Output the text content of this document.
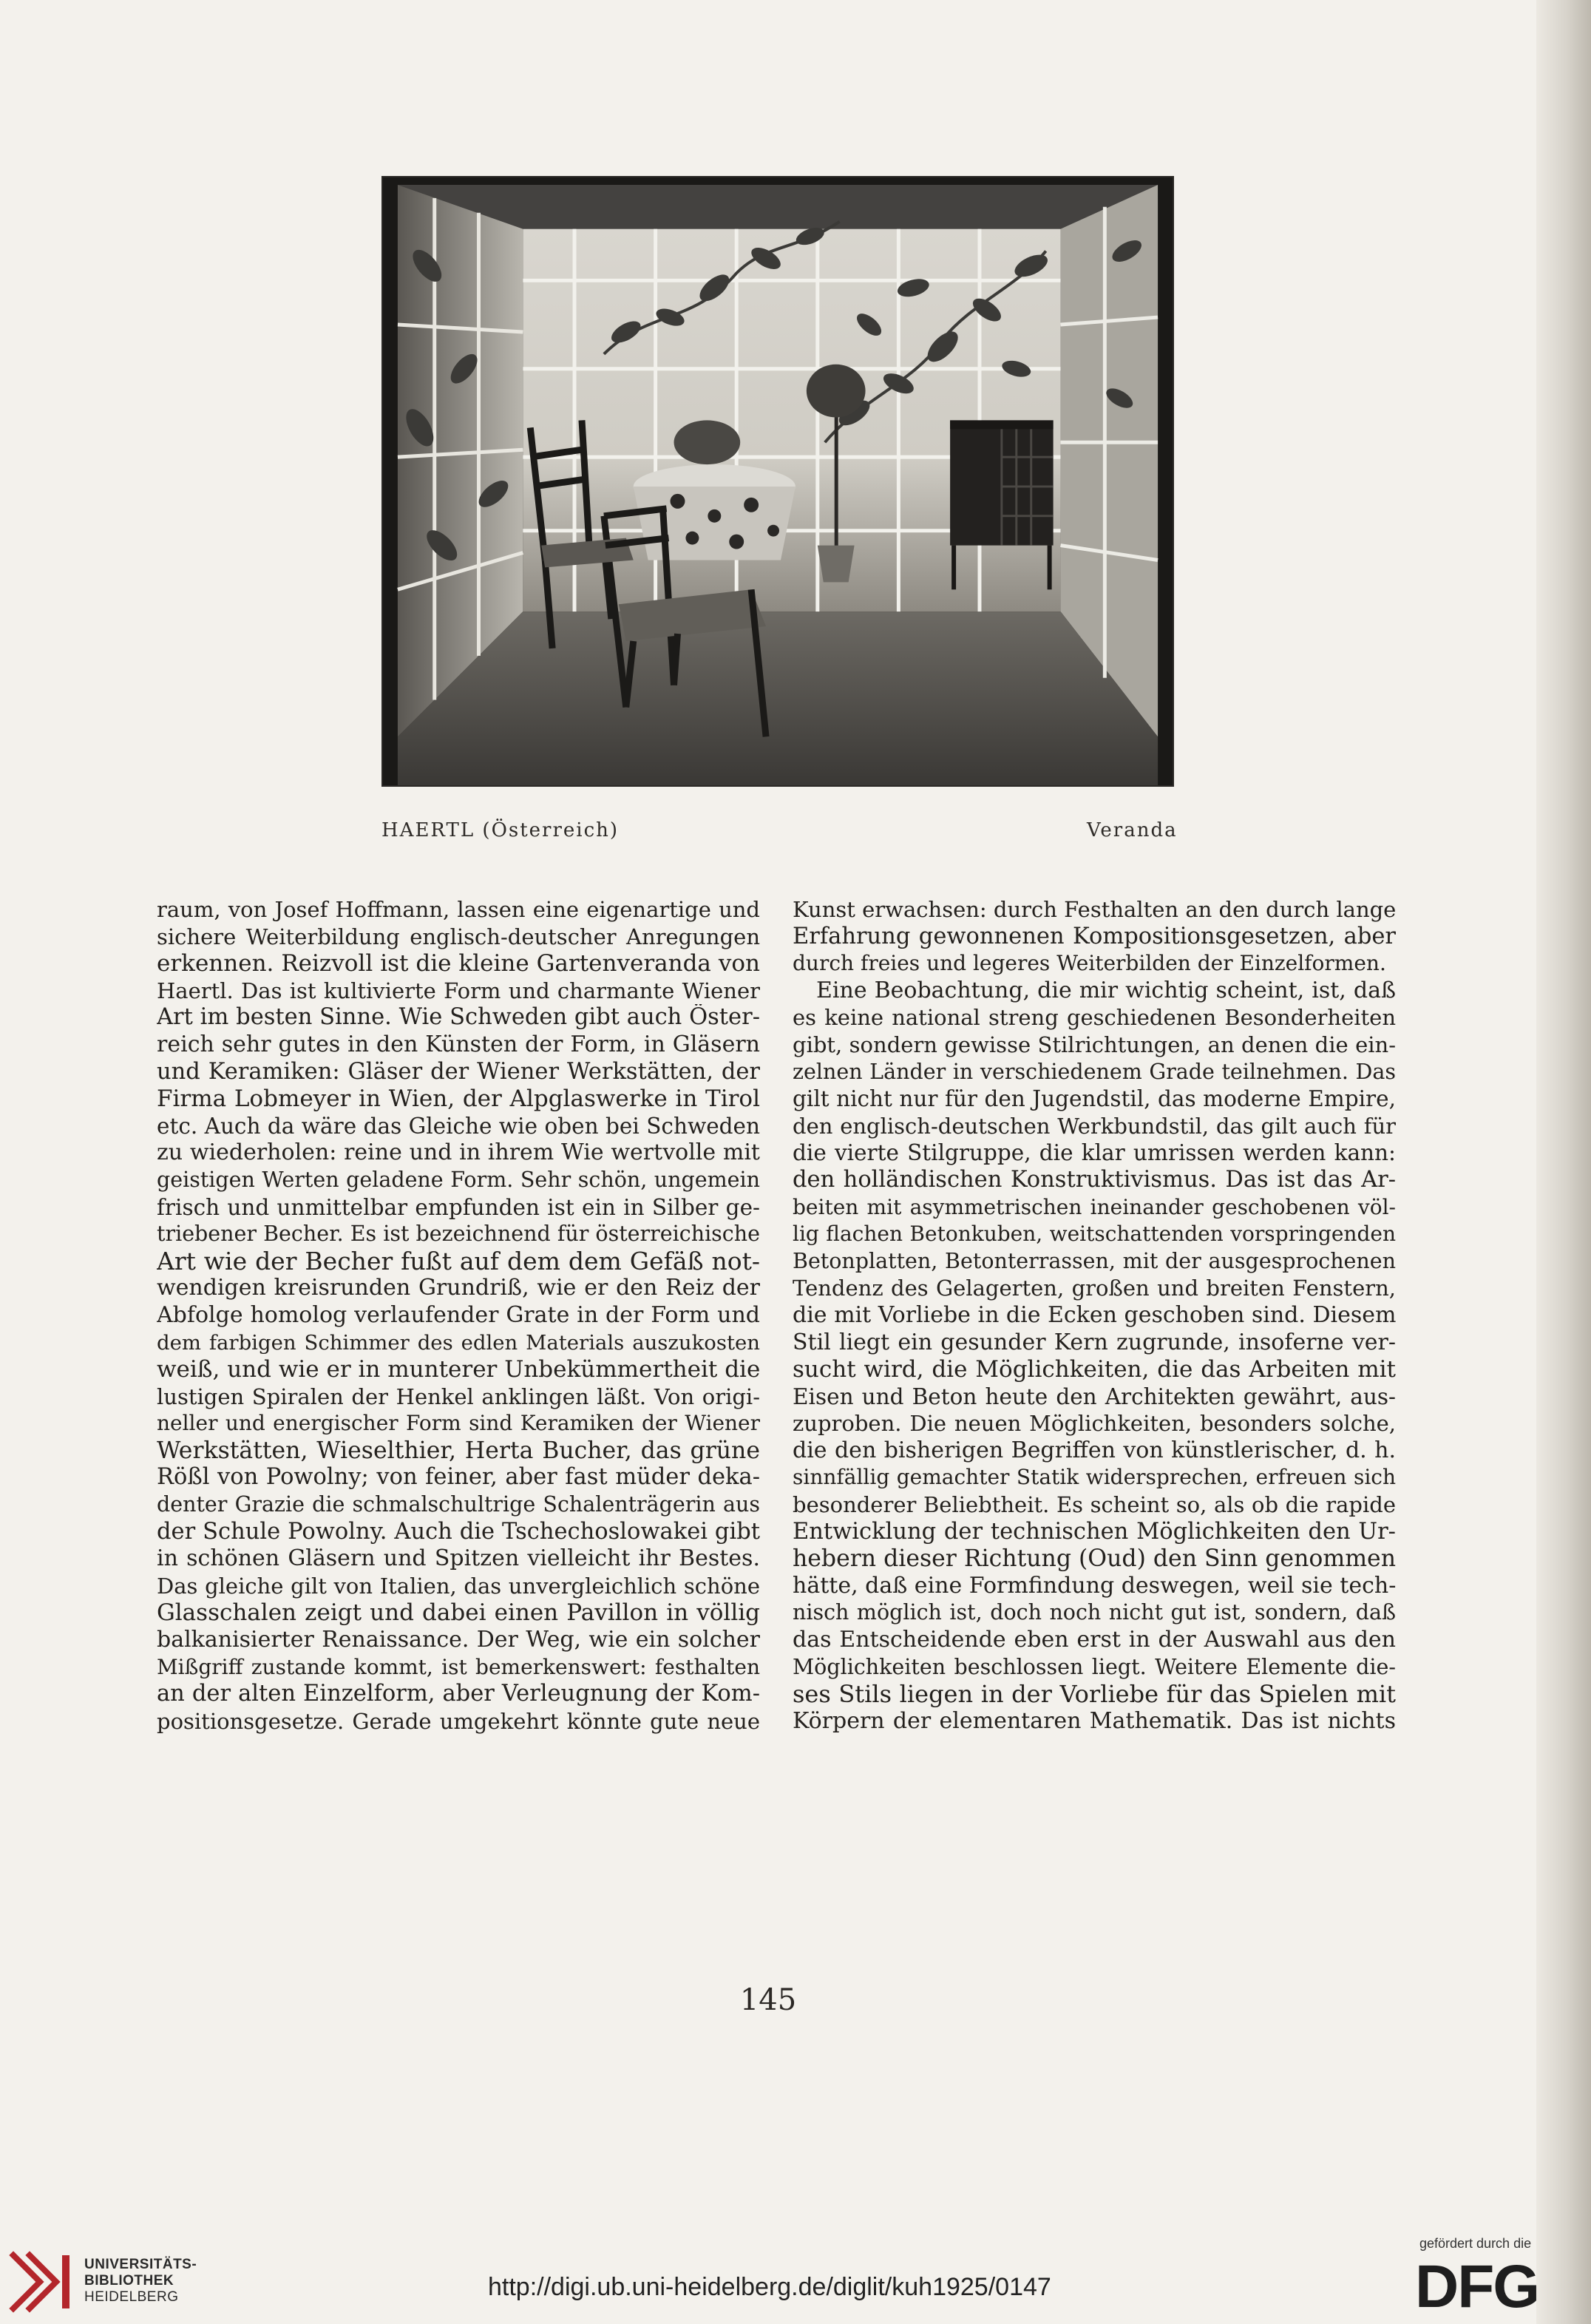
HAERTL (Österreich)	Veranda

raum, von Josef Hoffmann, lassen eine eigenartige und

sichere Weiterbildung englisch-deutscher Anregungen

erkennen. Reizvoll ist die kleine Gartenveranda von

Haertl. Das ist kultivierte Form und charmante Wiener

Art im besten Sinne. Wie Schweden gibt auch Öster-

reich sehr gutes in den Künsten der Form, in Gläsern

und Keramiken: Gläser der Wiener Werkstätten, der

Firma Lobmeyer in Wien, der Alpglaswerke in Tirol

etc. Auch da wäre das Gleiche wie oben bei Schweden

zu wiederholen: reine und in ihrem Wie wertvolle mit

geistigen Werten geladene Form. Sehr schön, ungemein

frisch und unmittelbar empfunden ist ein in Silber ge-

triebener Becher. Es ist bezeichnend für österreichische

Art wie der Becher fußt auf dem dem Gefäß not-

wendigen kreisrunden Grundriß, wie er den Reiz der

Abfolge homolog verlaufender Grate in der Form und

dem farbigen Schimmer des edlen Materials auszukosten

weiß, und wie er in munterer Unbekümmertheit die

lustigen Spiralen der Henkel anklingen läßt. Von origi-

neller und energischer Form sind Keramiken der Wiener

Werkstätten, Wieselthier, Herta Bucher, das grüne

Rößl von Powolny; von feiner, aber fast müder deka-

denter Grazie die schmalschultrige Schalenträgerin aus

der Schule Powolny. Auch die Tschechoslowakei gibt

in schönen Gläsern und Spitzen vielleicht ihr Bestes.

Das gleiche gilt von Italien, das unvergleichlich schöne

Glasschalen zeigt und dabei einen Pavillon in völlig

balkanisierter Renaissance. Der Weg, wie ein solcher

Mißgriff zustande kommt, ist bemerkenswert: festhalten

an der alten Einzelform, aber Verleugnung der Kom-

positionsgesetze. Gerade umgekehrt könnte gute neue

Kunst erwachsen: durch Festhalten an den durch lange

Erfahrung gewonnenen Kompositionsgesetzen, aber

durch freies und legeres Weiterbilden der Einzelformen.

Eine Beobachtung, die mir wichtig scheint, ist, daß

es keine national streng geschiedenen Besonderheiten

gibt, sondern gewisse Stilrichtungen, an denen die ein-

zelnen Länder in verschiedenem Grade teilnehmen. Das

gilt nicht nur für den Jugendstil, das moderne Empire,

den englisch-deutschen Werkbundstil, das gilt auch für

die vierte Stilgruppe, die klar umrissen werden kann:

den holländischen Konstruktivismus. Das ist das Ar-

beiten mit asymmetrischen ineinander geschobenen völ-

lig flachen Betonkuben, weitschattenden vorspringenden

Betonplatten, Betonterrassen, mit der ausgesprochenen

Tendenz des Gelagerten, großen und breiten Fenstern,

die mit Vorliebe in die Ecken geschoben sind. Diesem

Stil liegt ein gesunder Kern zugrunde, insoferne ver-

sucht wird, die Möglichkeiten, die das Arbeiten mit

Eisen und Beton heute den Architekten gewährt, aus-

zuproben. Die neuen Möglichkeiten, besonders solche,

die den bisherigen Begriffen von künstlerischer, d. h.

sinnfällig gemachter Statik widersprechen, erfreuen sich

besonderer Beliebtheit. Es scheint so, als ob die rapide

Entwicklung der technischen Möglichkeiten den Ur-

hebern dieser Richtung (Oud) den Sinn genommen

hätte, daß eine Formfindung deswegen, weil sie tech-

nisch möglich ist, doch noch nicht gut ist, sondern, daß

das Entscheidende eben erst in der Auswahl aus den

Möglichkeiten beschlossen liegt. Weitere Elemente die-

ses Stils liegen in der Vorliebe für das Spielen mit

Körpern der elementaren Mathematik. Das ist nichts

145
UNIVERSITÄTS-
BIBLIOTHEK
HEIDELBERG	http://digi.ub.uni-heidelberg.de/diglit/kuh1925/0147
gefördert durch die
DFG
